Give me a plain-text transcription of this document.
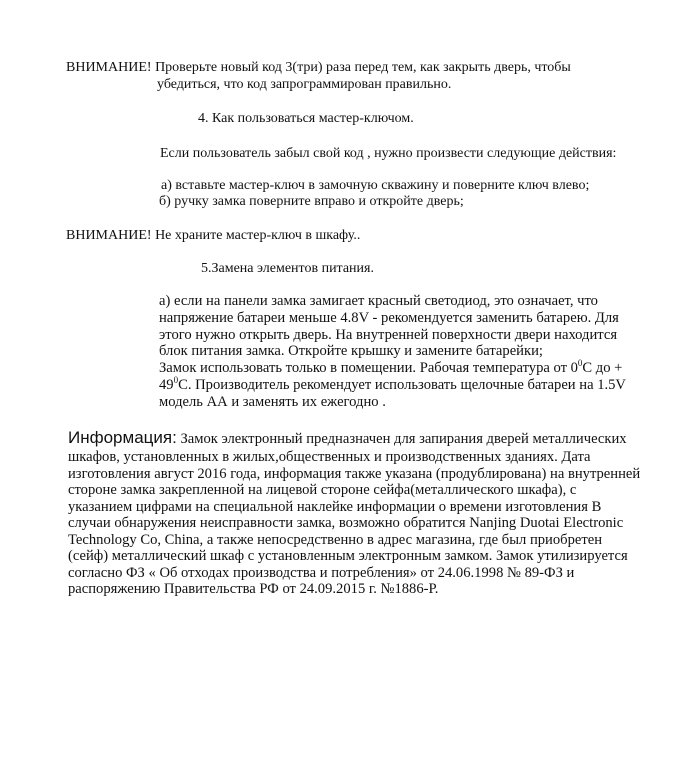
ВНИМАНИЕ! Проверьте новый код 3(три) раза перед тем, как закрыть дверь, чтобы
убедиться, что код запрограммирован правильно.
4. Как пользоваться мастер-ключом.
Если пользователь забыл свой код , нужно произвести следующие действия:
а) вставьте мастер-ключ в замочную скважину и поверните ключ влево;
б) ручку замка поверните вправо и откройте дверь;
ВНИМАНИЕ! Не храните мастер-ключ в шкафу..
5.Замена элементов питания.
а) если на панели замка замигает красный светодиод, это означает, что
напряжение батареи меньше 4.8V - рекомендуется заменить батарею. Для
этого нужно открыть дверь. На внутренней поверхности двери находится
блок питания замка. Откройте крышку и замените батарейки;
Замок использовать только в помещении. Рабочая температура от $0^0C$ до +
$49^0C$. Производитель рекомендует использовать щелочные батареи на 1.5V
модель АА и заменять их ежегодно .
Информация: Замок электронный предназначен для запирания дверей металлических
шкафов, установленных в жилых,общественных и производственных зданиях. Дата
изготовления август 2016 года, информация также указана (продублирована) на внутренней
стороне замка закрепленной на лицевой стороне сейфа(металлического шкафа), с
указанием цифрами на специальной наклейке информации о времени изготовления В
случаи обнаружения неисправности замка, возможно обратится Nanjing Duotai Electronic
Technology Co, China, а также непосредственно в адрес магазина, где был приобретен
(сейф) металлический шкаф с установленным электронным замком. Замок утилизируется
согласно ФЗ « Об отходах производства и потребления» от 24.06.1998 № 89-ФЗ и
распоряжению Правительства РФ от 24.09.2015 г. №1886-Р.
